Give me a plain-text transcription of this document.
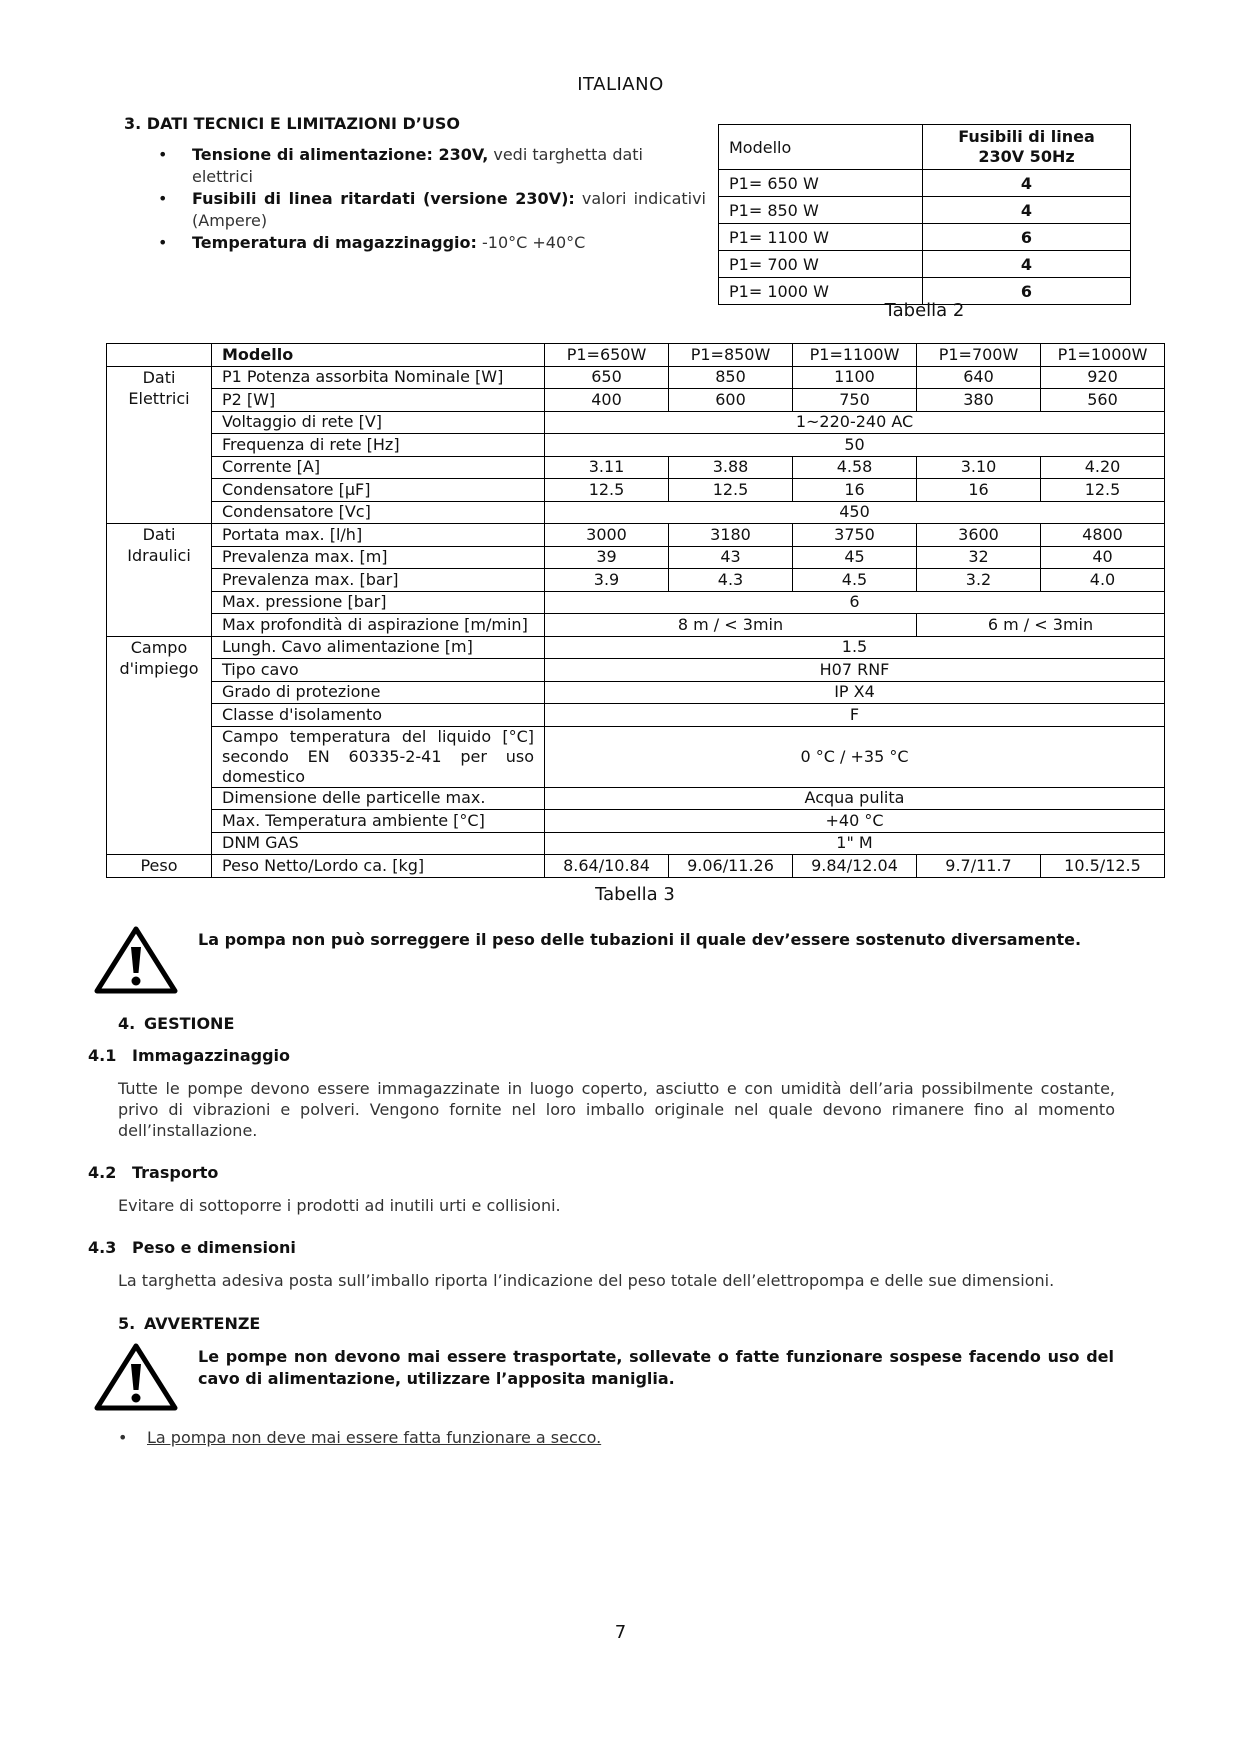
ITALIANO
3. DATI TECNICI E LIMITAZIONI D’USO
• Tensione di alimentazione: 230V, vedi targhetta dati elettrici
• Fusibili di linea ritardati (versione 230V): valori indicativi (Ampere)
• Temperatura di magazzinaggio: -10°C +40°C
Modello	Fusibili di linea 230V 50Hz
P1= 650 W	4
P1= 850 W	4
P1= 1100 W	6
P1= 700 W	4
P1= 1000 W	6
Tabella 2
	Modello	P1=650W	P1=850W	P1=1100W	P1=700W	P1=1000W

Dati
Elettrici	P1 Potenza assorbita Nominale [W]	650	850	1100	640	920
	P2 [W]	400	600	750	380	560
	Voltaggio di rete [V]	1~220-240 AC				
	Frequenza di rete [Hz]	50				
	Corrente [A]	3.11	3.88	4.58	3.10	4.20
	Condensatore [µF]	12.5	12.5	16	16	12.5
	Condensatore [Vc]	450				

Dati
Idraulici	Portata max. [l/h]	3000	3180	3750	3600	4800
	Prevalenza max. [m]	39	43	45	32	40
	Prevalenza max. [bar]	3.9	4.3	4.5	3.2	4.0
	Max. pressione [bar]	6				
	Max profondità di aspirazione [m/min]	8 m / < 3min			6 m / < 3min	

Campo
d'impiego	Lungh. Cavo alimentazione [m]	1.5				
	Tipo cavo	H07 RNF				
	Grado di protezione	IP X4				
	Classe d'isolamento	F				
	Campo temperatura del liquido [°C] secondo EN 60335-2-41 per uso domestico	0 °C / +35 °C				
	Dimensione delle particelle max.	Acqua pulita				
	Max. Temperatura ambiente [°C]	+40 °C				
	DNM GAS	1" M				

Peso	Peso Netto/Lordo ca. [kg]	8.64/10.84	9.06/11.26	9.84/12.04	9.7/11.7	10.5/12.5
Tabella 3
La pompa non può sorreggere il peso delle tubazioni il quale dev’essere sostenuto diversamente.
4. GESTIONE
4.1 Immagazzinaggio
Tutte le pompe devono essere immagazzinate in luogo coperto, asciutto e con umidità dell’aria possibilmente costante, privo di vibrazioni e polveri. Vengono fornite nel loro imballo originale nel quale devono rimanere fino al momento dell’installazione.
4.2 Trasporto
Evitare di sottoporre i prodotti ad inutili urti e collisioni.
4.3 Peso e dimensioni
La targhetta adesiva posta sull’imballo riporta l’indicazione del peso totale dell’elettropompa e delle sue dimensioni.
5. AVVERTENZE
Le pompe non devono mai essere trasportate, sollevate o fatte funzionare sospese facendo uso del cavo di alimentazione, utilizzare l’apposita maniglia.
• La pompa non deve mai essere fatta funzionare a secco.
7
